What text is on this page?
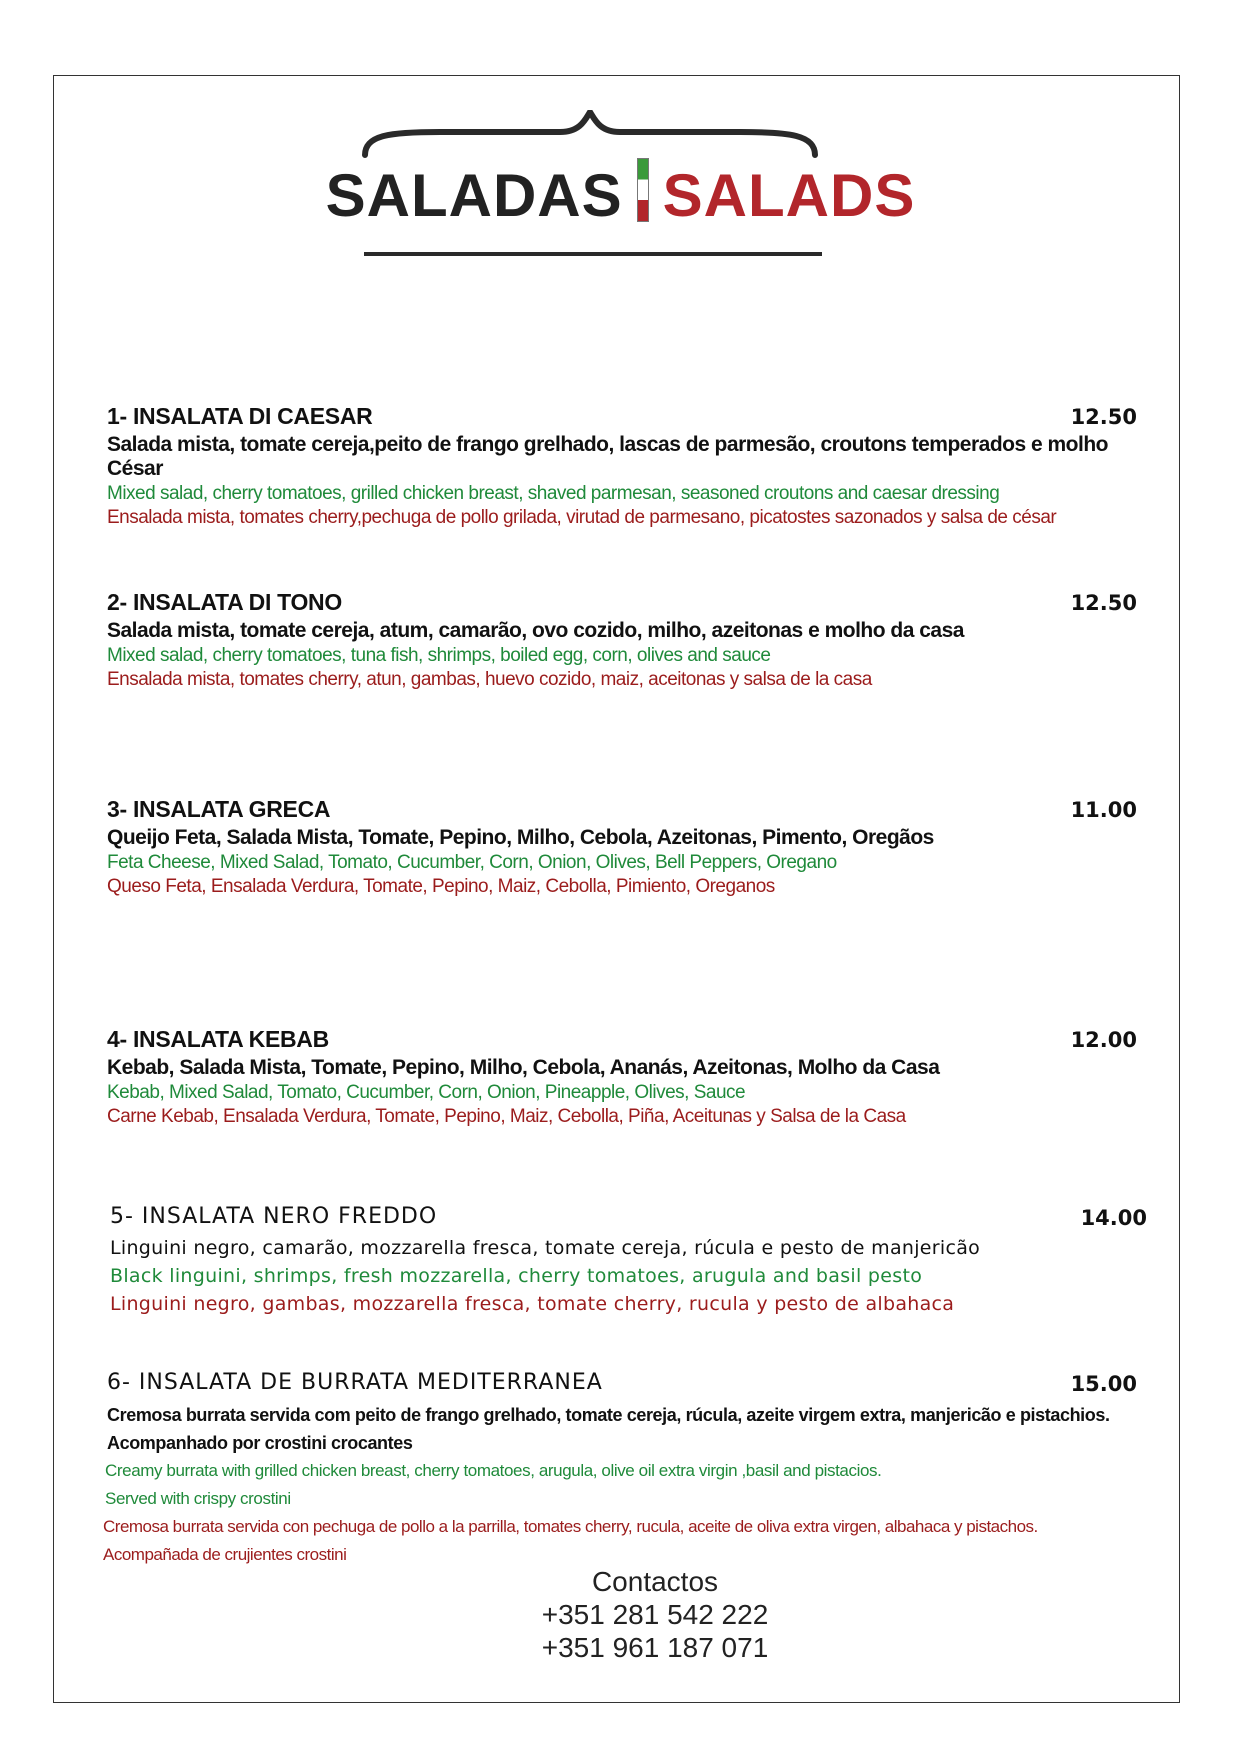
SALADAS SALADS
1- INSALATA DI CAESAR	12.50
Salada mista, tomate cereja,peito de frango grelhado, lascas de parmesão, croutons temperados e molho César
Mixed salad, cherry tomatoes, grilled chicken breast, shaved parmesan, seasoned croutons and caesar dressing
Ensalada mista, tomates cherry,pechuga de pollo grilada, virutad de parmesano, picatostes sazonados y salsa de césar
2- INSALATA DI TONO	12.50
Salada mista, tomate cereja, atum, camarão, ovo cozido, milho, azeitonas e molho da casa
Mixed salad, cherry tomatoes, tuna fish, shrimps, boiled egg, corn, olives and sauce
Ensalada mista, tomates cherry, atun, gambas, huevo cozido, maiz, aceitonas y salsa de la casa
3- INSALATA GRECA	11.00
Queijo Feta, Salada Mista, Tomate, Pepino, Milho, Cebola, Azeitonas, Pimento, Oregãos
Feta Cheese, Mixed Salad, Tomato, Cucumber, Corn, Onion, Olives, Bell Peppers, Oregano
Queso Feta, Ensalada Verdura, Tomate, Pepino, Maiz, Cebolla, Pimiento, Oreganos
4- INSALATA KEBAB	12.00
Kebab, Salada Mista, Tomate, Pepino, Milho, Cebola, Ananás, Azeitonas, Molho da Casa
Kebab, Mixed Salad, Tomato, Cucumber, Corn, Onion, Pineapple, Olives, Sauce
Carne Kebab, Ensalada Verdura, Tomate, Pepino, Maiz, Cebolla, Piña, Aceitunas y Salsa de la Casa
5- INSALATA NERO FREDDO	14.00
Linguini negro, camarão, mozzarella fresca, tomate cereja, rúcula e pesto de manjericão
Black linguini, shrimps, fresh mozzarella, cherry tomatoes, arugula and basil pesto
Linguini negro, gambas, mozzarella fresca, tomate cherry, rucula y pesto de albahaca
6- INSALATA DE BURRATA MEDITERRANEA	15.00
Cremosa burrata servida com peito de frango grelhado, tomate cereja, rúcula, azeite virgem extra, manjericão e pistachios.
Acompanhado por crostini crocantes
Creamy burrata with grilled chicken breast, cherry tomatoes, arugula, olive oil extra virgin ,basil and pistacios.
Served with crispy crostini
Cremosa burrata servida con pechuga de pollo a la parrilla, tomates cherry, rucula, aceite de oliva extra virgen, albahaca y pistachos.
Acompañada de crujientes crostini
Contactos
+351 281 542 222
+351 961 187 071
